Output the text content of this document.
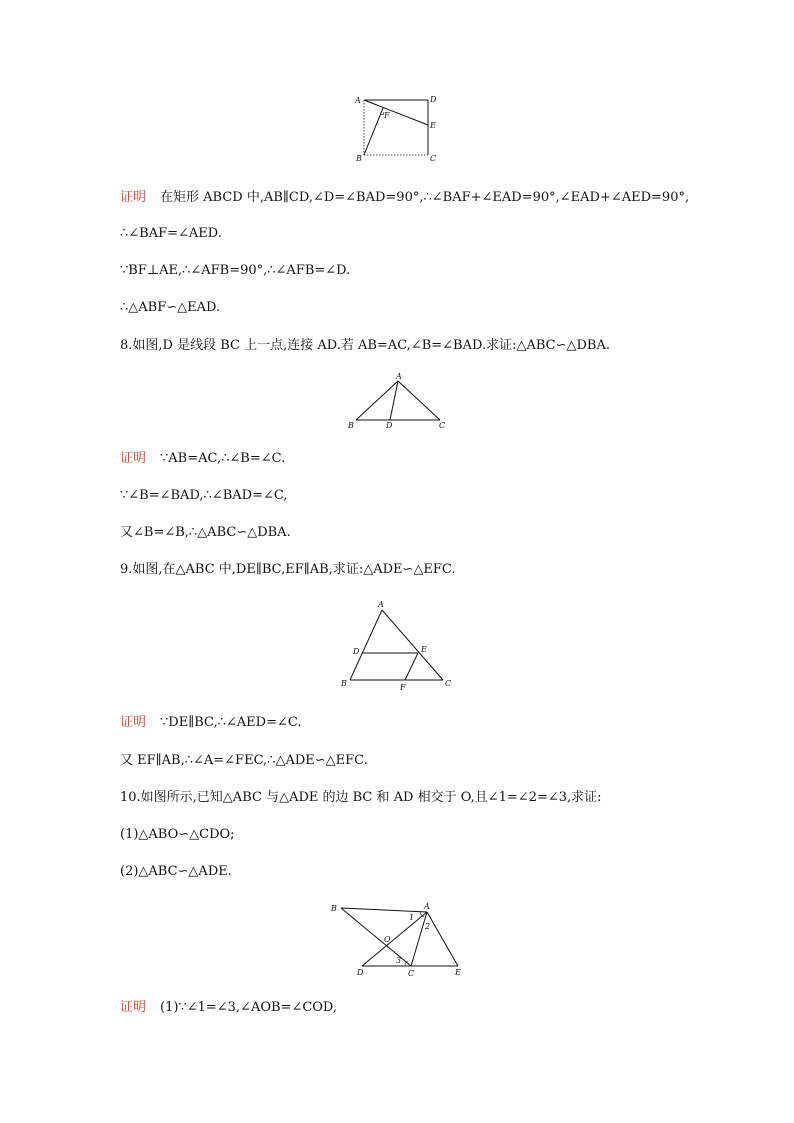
A	D
F
E
B	C
证明 在矩形 ABCD 中,AB∥CD,∠D=∠BAD=90°,∴∠BAF+∠EAD=90°,∠EAD+∠AED=90°,
∴∠BAF=∠AED.
∵BF⊥AE,∴∠AFB=90°,∴∠AFB=∠D.
∴△ABF∽△EAD.
8.如图,D 是线段 BC 上一点,连接 AD.若 AB=AC,∠B=∠BAD.求证:△ABC∽△DBA.
A
B	D	C
证明 ∵AB=AC,∴∠B=∠C.
∵∠B=∠BAD,∴∠BAD=∠C,
又∠B=∠B,∴△ABC∽△DBA.
9.如图,在△ABC 中,DE∥BC,EF∥AB,求证:△ADE∽△EFC.
A
D	E
B	F	C
证明 ∵DE∥BC,∴∠AED=∠C.
又 EF∥AB,∴∠A=∠FEC,∴△ADE∽△EFC.
10.如图所示,已知△ABC 与△ADE 的边 BC 和 AD 相交于 O,且∠1=∠2=∠3,求证:
(1)△ABO∽△CDO;
(2)△ABC∽△ADE.
B	A
1
2
O
3
D	C	E
证明 (1)∵∠1=∠3,∠AOB=∠COD,
